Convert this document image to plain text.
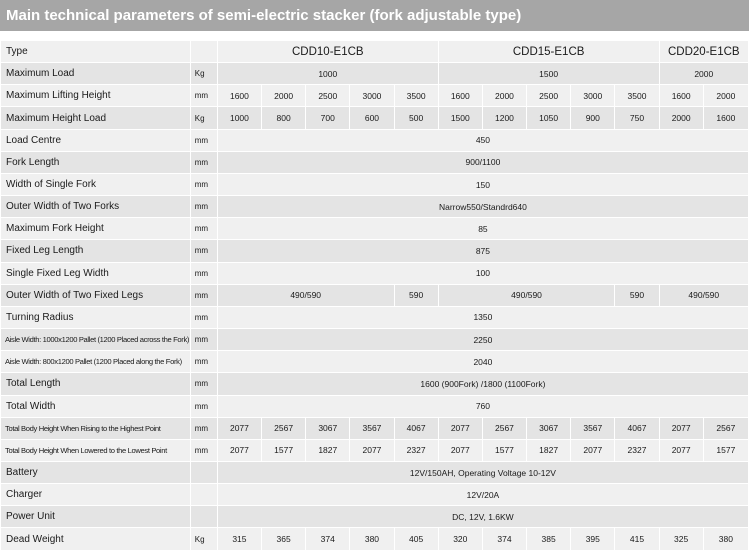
Main technical parameters of semi-electric stacker (fork adjustable type)
Type		CDD10-E1CB					CDD15-E1CB					CDD20-E1CB	
Maximum Load	Kg	1000					1500					2000	
Maximum Lifting Height	mm	1600	2000	2500	3000	3500	1600	2000	2500	3000	3500	1600	2000
Maximum Height Load	Kg	1000	800	700	600	500	1500	1200	1050	900	750	2000	1600
Load Centre	mm	450											
Fork Length	mm	900/1100											
Width of Single Fork	mm	150											
Outer Width of Two Forks	mm	Narrow550/Standrd640											
Maximum Fork Height	mm	85											
Fixed Leg Length	mm	875											
Single Fixed Leg Width	mm	100											
Outer Width of Two Fixed Legs	mm	490/590				590	490/590				590	490/590	
Turning Radius	mm	1350											
Aisle Width: 1000x1200 Pallet (1200 Placed across the Fork)	mm	2250											
Aisle Width: 800x1200 Pallet (1200 Placed along the Fork)	mm	2040											
Total Length	mm	1600 (900Fork) /1800 (1100Fork)											
Total Width	mm	760											
Total Body Height When Rising to the Highest Point	mm	2077	2567	3067	3567	4067	2077	2567	3067	3567	4067	2077	2567
Total Body Height When Lowered to the Lowest Point	mm	2077	1577	1827	2077	2327	2077	1577	1827	2077	2327	2077	1577
Battery		12V/150AH, Operating Voltage 10-12V											
Charger		12V/20A											
Power Unit		DC, 12V, 1.6KW											
Dead Weight	Kg	315	365	374	380	405	320	374	385	395	415	325	380
